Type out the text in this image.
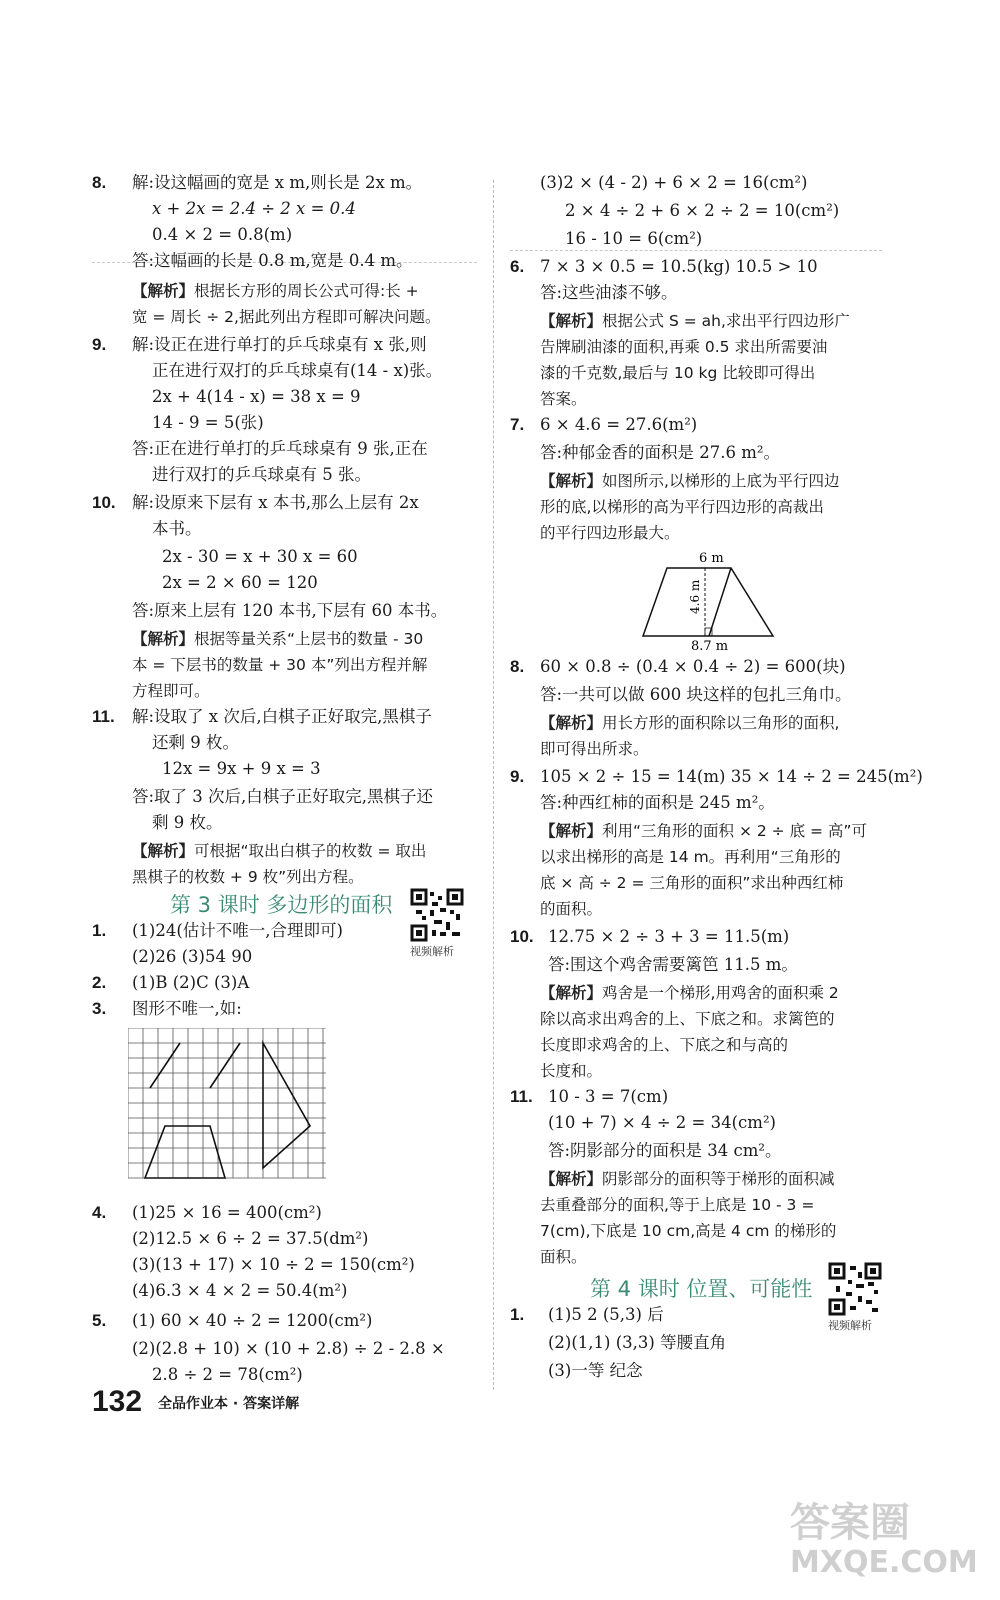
8. 解:设这幅画的宽是 x m,则长是 2x m。
x + 2x = 2.4 ÷ 2 x = 0.4
0.4 × 2 = 0.8(m)
答:这幅画的长是 0.8 m,宽是 0.4 m。
【解析】根据长方形的周长公式可得:长 +
宽 = 周长 ÷ 2,据此列出方程即可解决问题。
9. 解:设正在进行单打的乒乓球桌有 x 张,则
正在进行双打的乒乓球桌有(14 - x)张。
2x + 4(14 - x) = 38 x = 9
14 - 9 = 5(张)
答:正在进行单打的乒乓球桌有 9 张,正在
进行双打的乒乓球桌有 5 张。
10. 解:设原来下层有 x 本书,那么上层有 2x
本书。
2x - 30 = x + 30 x = 60
2x = 2 × 60 = 120
答:原来上层有 120 本书,下层有 60 本书。
【解析】根据等量关系“上层书的数量 - 30
本 = 下层书的数量 + 30 本”列出方程并解
方程即可。
11. 解:设取了 x 次后,白棋子正好取完,黑棋子
还剩 9 枚。
12x = 9x + 9 x = 3
答:取了 3 次后,白棋子正好取完,黑棋子还
剩 9 枚。
【解析】可根据“取出白棋子的枚数 = 取出
黑棋子的枚数 + 9 枚”列出方程。
第 3 课时 多边形的面积
视频解析
1. (1)24(估计不唯一,合理即可)
(2)26 (3)54 90
2. (1)B (2)C (3)A
3. 图形不唯一,如:
4. (1)25 × 16 = 400(cm²)
(2)12.5 × 6 ÷ 2 = 37.5(dm²)
(3)(13 + 17) × 10 ÷ 2 = 150(cm²)
(4)6.3 × 4 × 2 = 50.4(m²)
5. (1) 60 × 40 ÷ 2 = 1200(cm²)
(2)(2.8 + 10) × (10 + 2.8) ÷ 2 - 2.8 ×
2.8 ÷ 2 = 78(cm²)
(3)2 × (4 - 2) + 6 × 2 = 16(cm²)
2 × 4 ÷ 2 + 6 × 2 ÷ 2 = 10(cm²)
16 - 10 = 6(cm²)
6. 7 × 3 × 0.5 = 10.5(kg) 10.5 > 10
答:这些油漆不够。
【解析】根据公式 S = ah,求出平行四边形广
告牌刷油漆的面积,再乘 0.5 求出所需要油
漆的千克数,最后与 10 kg 比较即可得出
答案。
7. 6 × 4.6 = 27.6(m²)
答:种郁金香的面积是 27.6 m²。
【解析】如图所示,以梯形的上底为平行四边
形的底,以梯形的高为平行四边形的高裁出
的平行四边形最大。
6 m
4.6 m
8.7 m
8. 60 × 0.8 ÷ (0.4 × 0.4 ÷ 2) = 600(块)
答:一共可以做 600 块这样的包扎三角巾。
【解析】用长方形的面积除以三角形的面积,
即可得出所求。
9. 105 × 2 ÷ 15 = 14(m) 35 × 14 ÷ 2 = 245(m²)
答:种西红柿的面积是 245 m²。
【解析】利用“三角形的面积 × 2 ÷ 底 = 高”可
以求出梯形的高是 14 m。再利用“三角形的
底 × 高 ÷ 2 = 三角形的面积”求出种西红柿
的面积。
10. 12.75 × 2 ÷ 3 + 3 = 11.5(m)
答:围这个鸡舍需要篱笆 11.5 m。
【解析】鸡舍是一个梯形,用鸡舍的面积乘 2
除以高求出鸡舍的上、下底之和。求篱笆的
长度即求鸡舍的上、下底之和与高的
长度和。
11. 10 - 3 = 7(cm)
(10 + 7) × 4 ÷ 2 = 34(cm²)
答:阴影部分的面积是 34 cm²。
【解析】阴影部分的面积等于梯形的面积减
去重叠部分的面积,等于上底是 10 - 3 =
7(cm),下底是 10 cm,高是 4 cm 的梯形的
面积。
第 4 课时 位置、可能性
视频解析
1. (1)5 2 (5,3) 后
(2)(1,1) (3,3) 等腰直角
(3)一等 纪念
132 全品作业本 · 答案详解
答案圈
MXQE.COM
